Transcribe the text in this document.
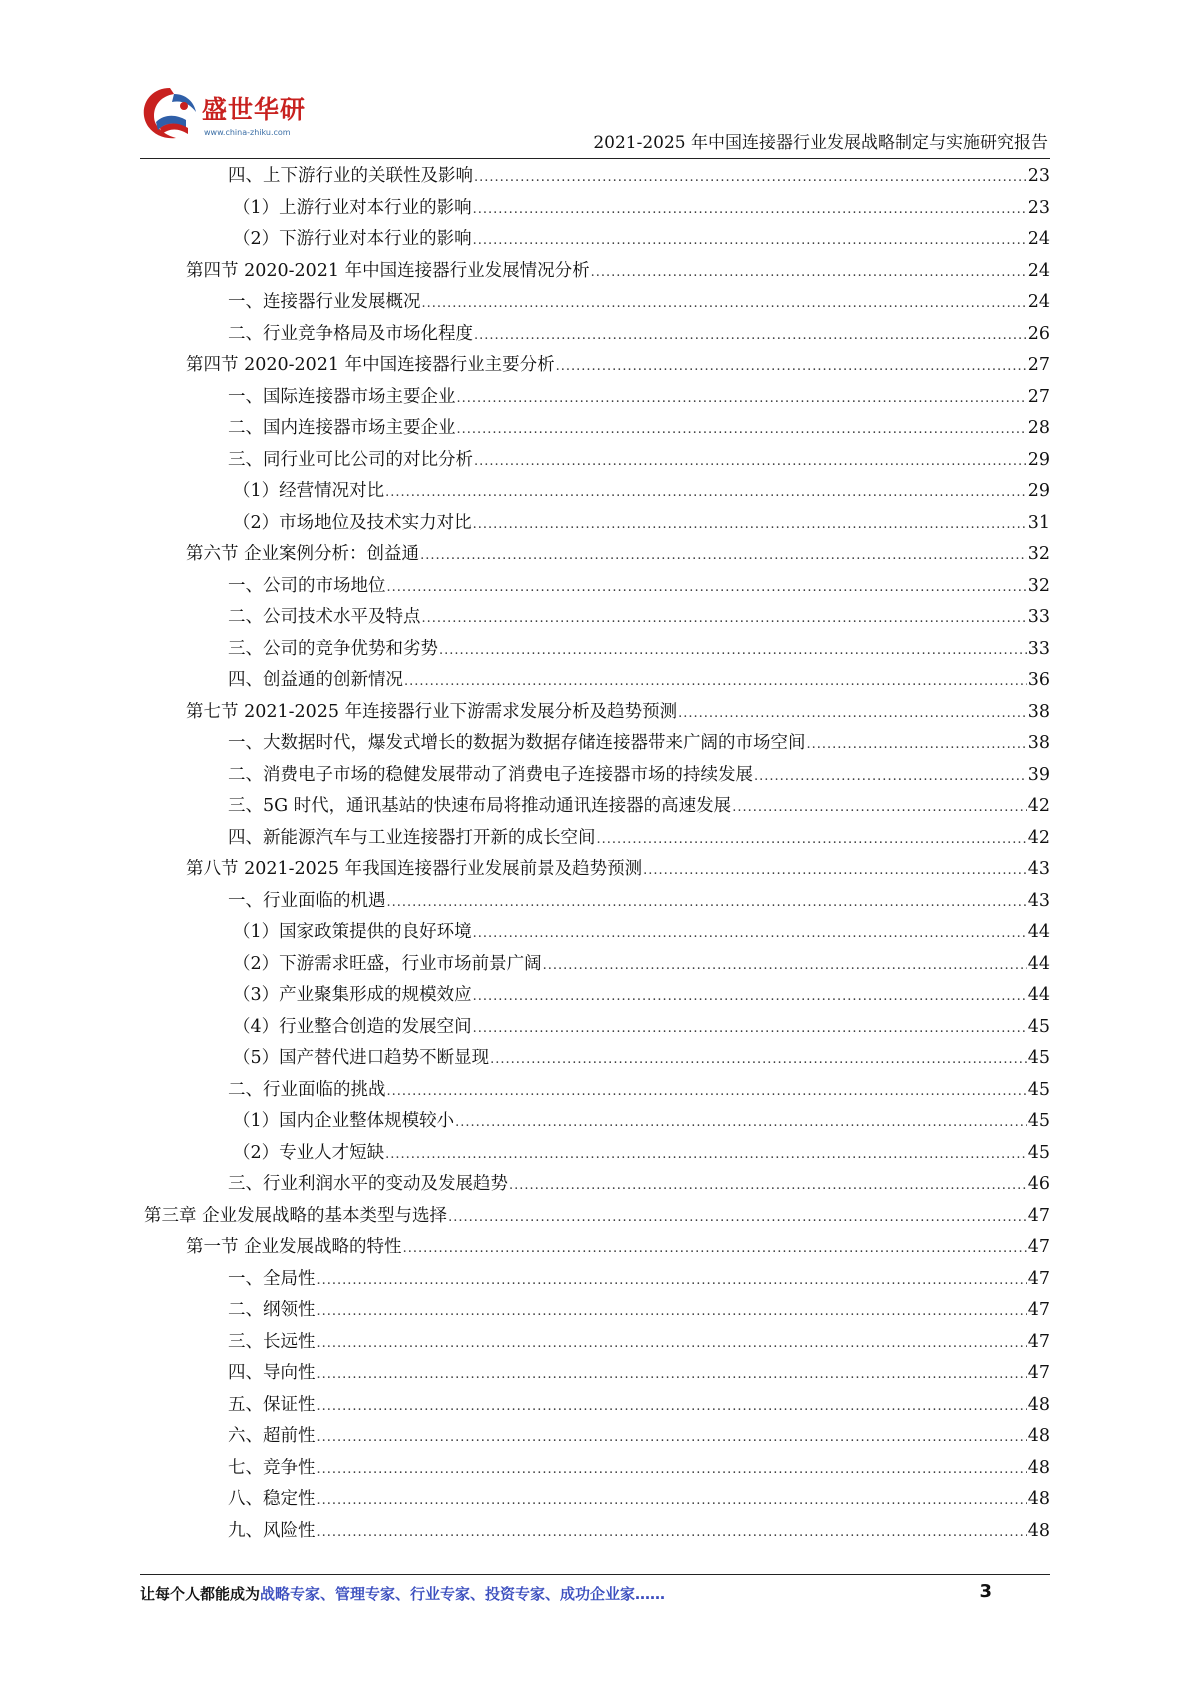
盛世华研
www.china-zhiku.com
2021-2025 年中国连接器行业发展战略制定与实施研究报告
四、上下游行业的关联性及影响 .....	23
（1）上游行业对本行业的影响 .....	23
（2）下游行业对本行业的影响 .....	24
第四节 2020-2021 年中国连接器行业发展情况分析 .....	24
一、连接器行业发展概况 .....	24
二、行业竞争格局及市场化程度 .....	26
第四节 2020-2021 年中国连接器行业主要分析 .....	27
一、国际连接器市场主要企业 .....	27
二、国内连接器市场主要企业 .....	28
三、同行业可比公司的对比分析 .....	29
（1）经营情况对比 .....	29
（2）市场地位及技术实力对比 .....	31
第六节 企业案例分析：创益通 .....	32
一、公司的市场地位 .....	32
二、公司技术水平及特点 .....	33
三、公司的竞争优势和劣势 .....	33
四、创益通的创新情况 .....	36
第七节 2021-2025 年连接器行业下游需求发展分析及趋势预测 .....	38
一、大数据时代，爆发式增长的数据为数据存储连接器带来广阔的市场空间 .....	38
二、消费电子市场的稳健发展带动了消费电子连接器市场的持续发展 .....	39
三、5G 时代，通讯基站的快速布局将推动通讯连接器的高速发展 .....	42
四、新能源汽车与工业连接器打开新的成长空间 .....	42
第八节 2021-2025 年我国连接器行业发展前景及趋势预测 .....	43
一、行业面临的机遇 .....	43
（1）国家政策提供的良好环境 .....	44
（2）下游需求旺盛，行业市场前景广阔 .....	44
（3）产业聚集形成的规模效应 .....	44
（4）行业整合创造的发展空间 .....	45
（5）国产替代进口趋势不断显现 .....	45
二、行业面临的挑战 .....	45
（1）国内企业整体规模较小 .....	45
（2）专业人才短缺 .....	45
三、行业利润水平的变动及发展趋势 .....	46
第三章 企业发展战略的基本类型与选择 .....	47
第一节 企业发展战略的特性 .....	47
一、全局性 .....	47
二、纲领性 .....	47
三、长远性 .....	47
四、导向性 .....	47
五、保证性 .....	48
六、超前性 .....	48
七、竞争性 .....	48
八、稳定性 .....	48
九、风险性 .....	48
让每个人都能成为战略专家、管理专家、行业专家、投资专家、成功企业家……	3
